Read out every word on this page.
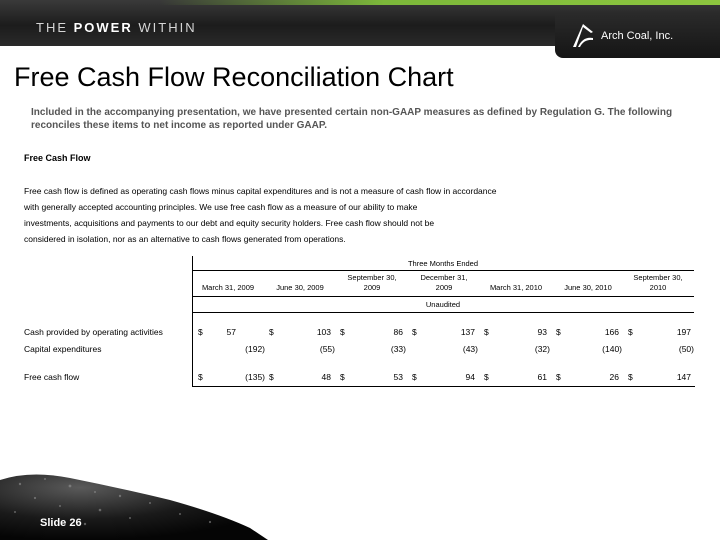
THE POWER WITHIN
Arch Coal, Inc.
Free Cash Flow Reconciliation Chart

Included in the accompanying presentation, we have presented certain non-GAAP measures as defined by Regulation G. The following reconciles these items to net income as reported under GAAP.

Free Cash Flow

Free cash flow is defined as operating cash flows minus capital expenditures and is not a measure of cash flow in accordance
with generally accepted accounting principles. We use free cash flow as a measure of our ability to make
investments, acquisitions and payments to our debt and equity security holders. Free cash flow should not be
considered in isolation, nor as an alternative to cash flows generated from operations.
Three Months Ended
March 31, 2009	June 30, 2009
September 30,
2009
December 31,
2009	March 31, 2010	June 30, 2010
September 30,
2010
Unaudited
Cash provided by operating activities	$	57	$	103 $	86 $	137 $	93 $	166 $	197
Capital expenditures	(192)	(55)	(33)	(43)	(32)	(140)	(50)
Free cash flow	$	(135) $	48 $	53 $	94 $	61 $	26 $	147

Slide 26
